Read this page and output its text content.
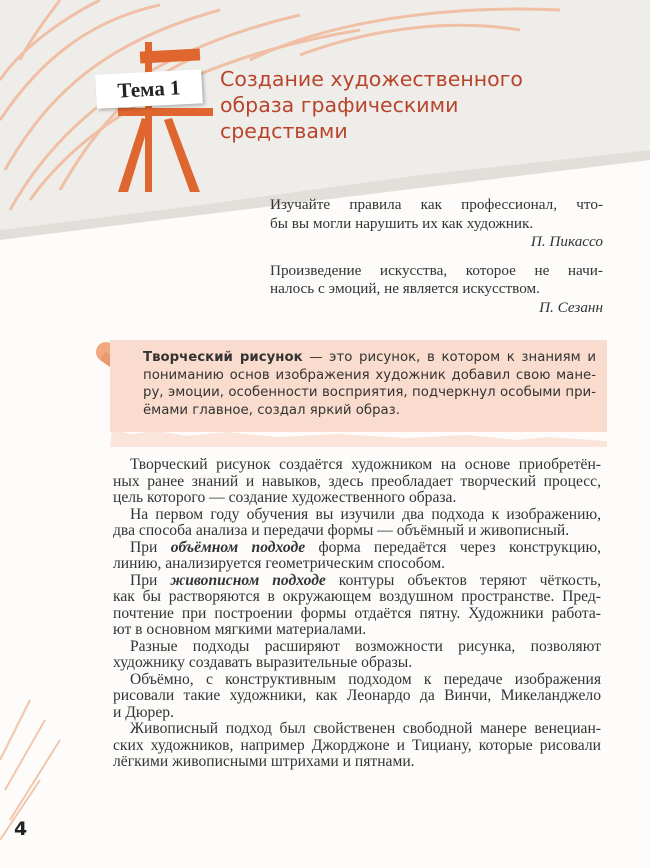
Тема 1	Создание художественного
образа графическими
средствами
Изучайте правила как профессионал, что-
бы вы могли нарушить их как художник.
П. Пикассо
Произведение искусства, которое не начи-
налось с эмоций, не является искусством.
П. Сезанн
Творческий рисунок — это рисунок, в котором к знаниям и
пониманию основ изображения художник добавил свою мане-
ру, эмоции, особенности восприятия, подчеркнул особыми при-
ёмами главное, создал яркий образ.
Творческий рисунок создаётся художником на основе приобретён-
ных ранее знаний и навыков, здесь преобладает творческий процесс,
цель которого — создание художественного образа.
На первом году обучения вы изучили два подхода к изображению,
два способа анализа и передачи формы — объёмный и живописный.
При объёмном подходе форма передаётся через конструкцию,
линию, анализируется геометрическим способом.
При живописном подходе контуры объектов теряют чёткость,
как бы растворяются в окружающем воздушном пространстве. Пред-
почтение при построении формы отдаётся пятну. Художники работа-
ют в основном мягкими материалами.
Разные подходы расширяют возможности рисунка, позволяют
художнику создавать выразительные образы.
Объёмно, с конструктивным подходом к передаче изображения
рисовали такие художники, как Леонардо да Винчи, Микеланджело
и Дюрер.
Живописный подход был свойственен свободной манере венециан-
ских художников, например Джорджоне и Тициану, которые рисовали
лёгкими живописными штрихами и пятнами.
4
